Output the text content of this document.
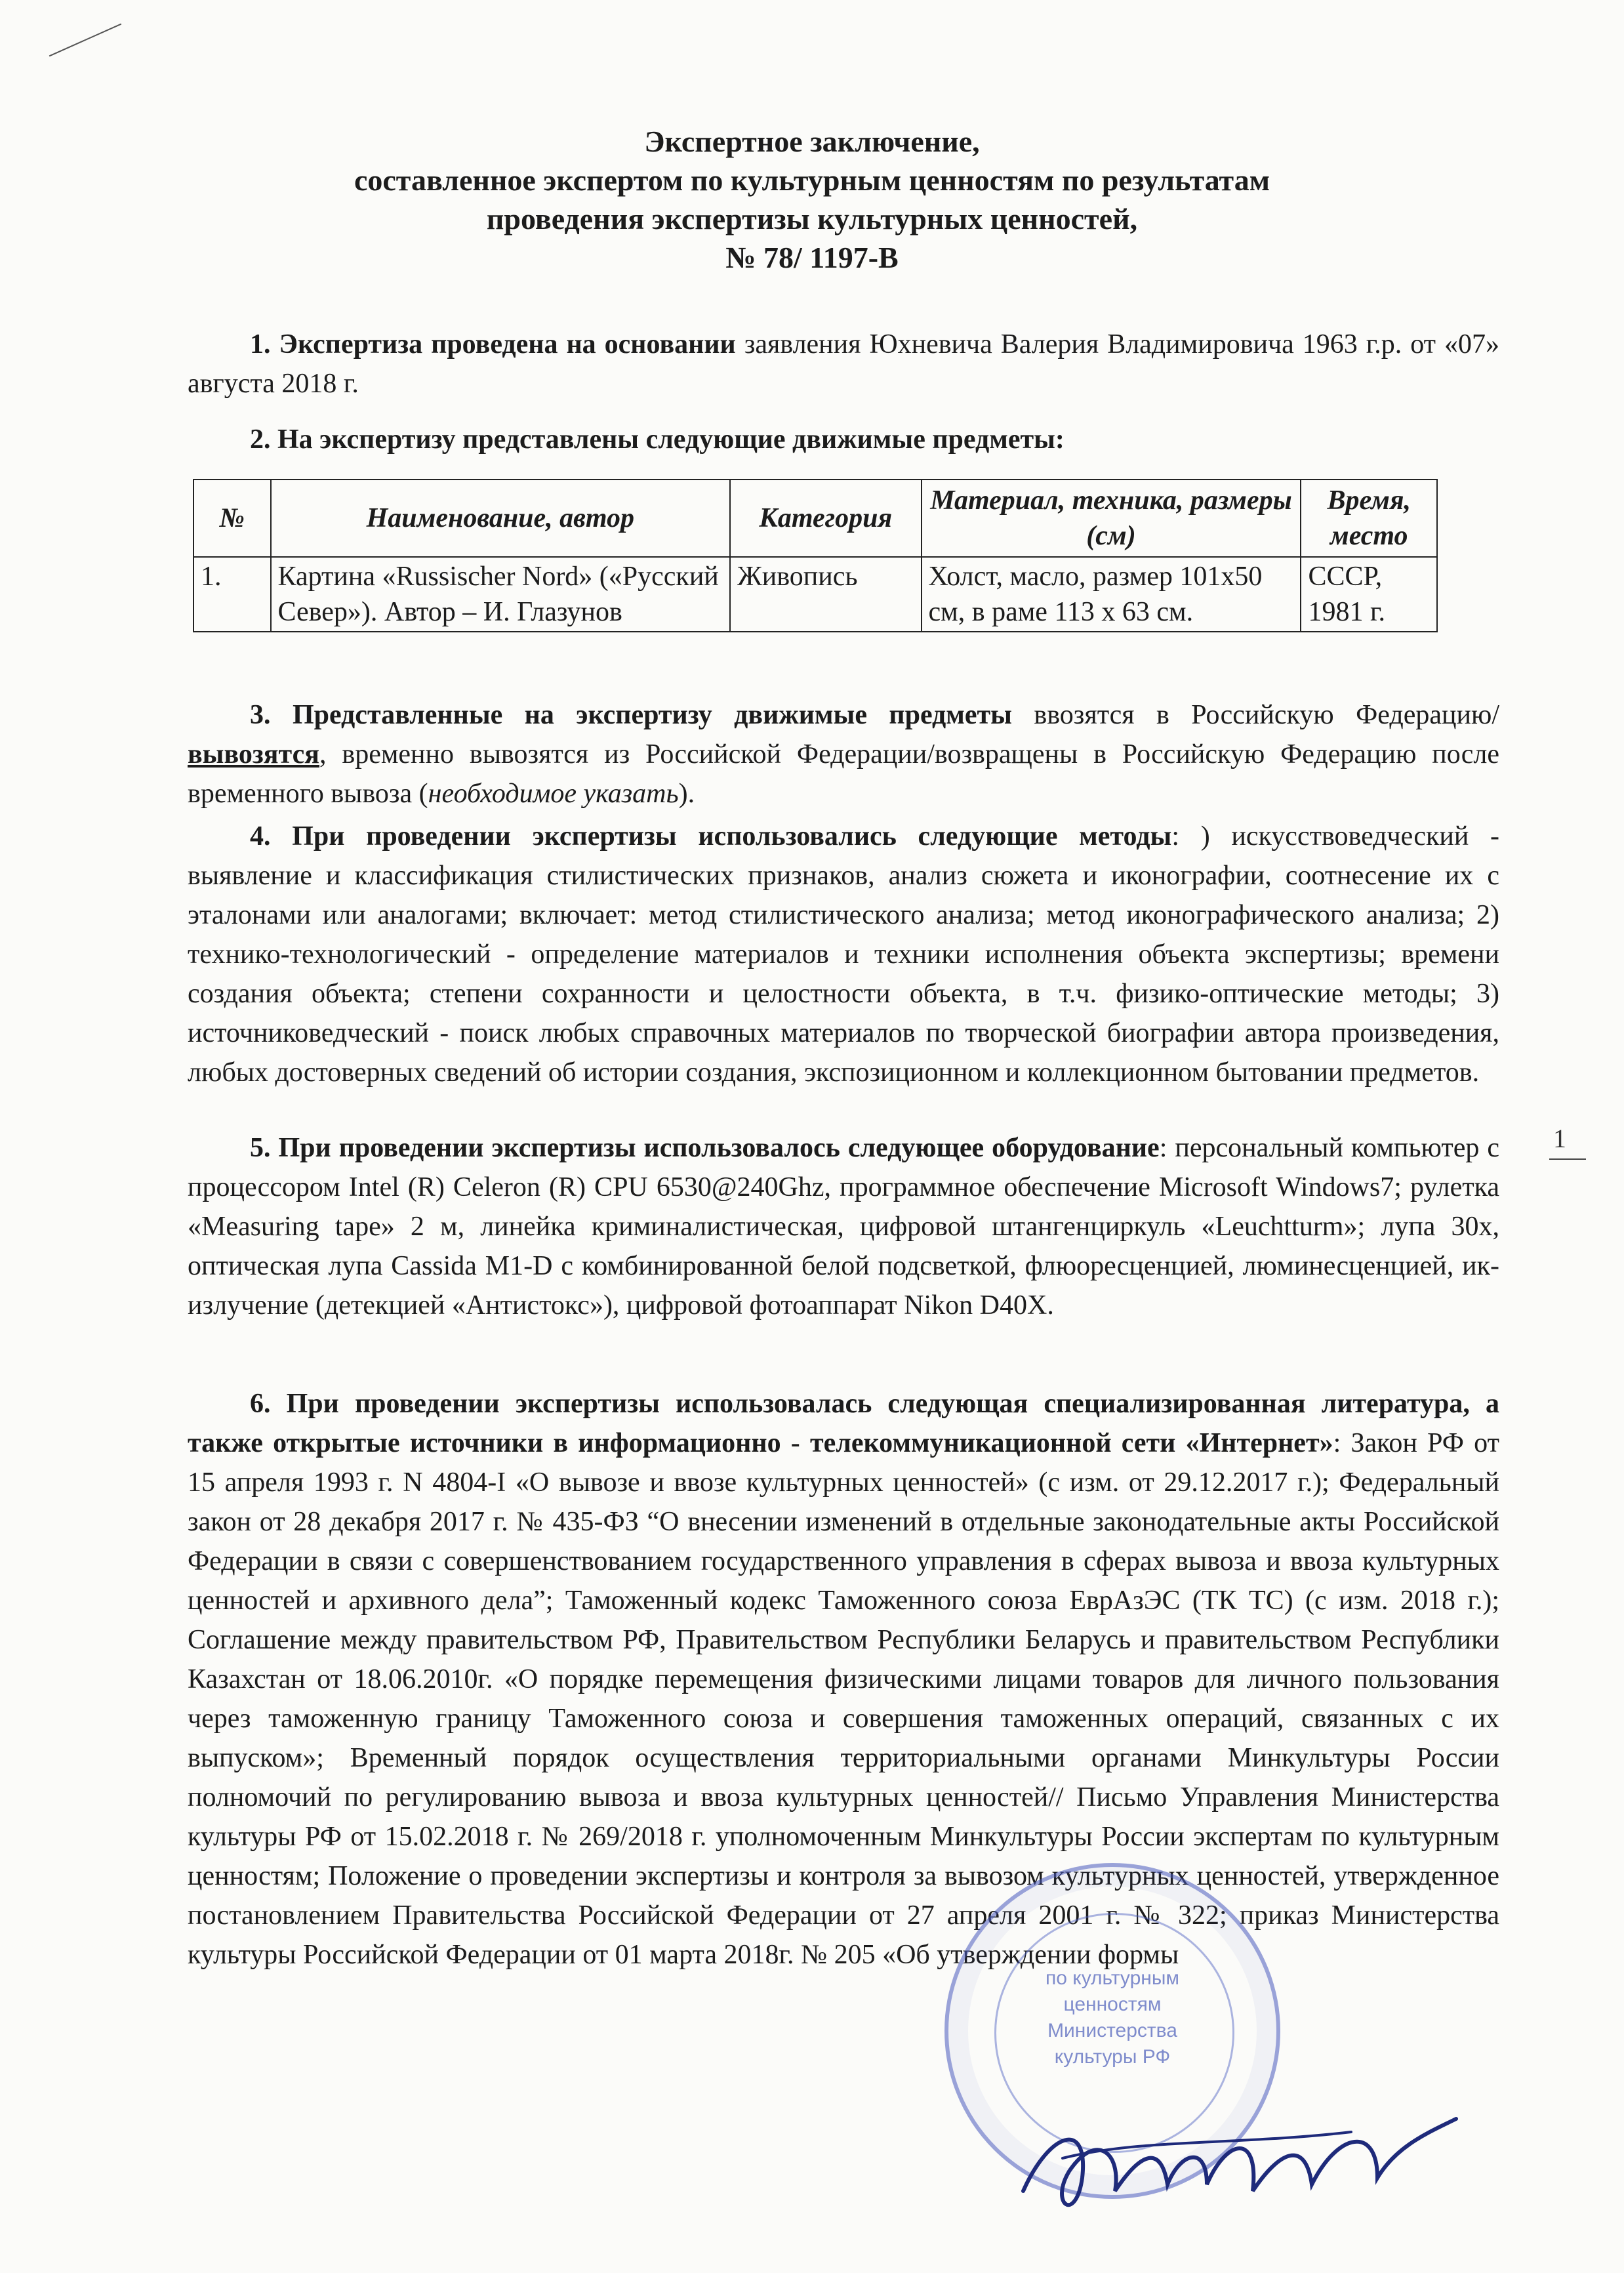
1
Экспертное заключение,
составленное экспертом по культурным ценностям по результатам
проведения экспертизы культурных ценностей,
№ 78/ 1197-В
1. Экспертиза проведена на основании заявления Юхневича Валерия Владимировича 1963 г.р. от «07» августа 2018 г.
2. На экспертизу представлены следующие движимые предметы:
№	Наименование, автор	Категория	Материал, техника, размеры (см)	Время, место
1.	Картина «Russischer Nord» («Русский Север»). Автор – И. Глазунов	Живопись	Холст, масло, размер 101х50 см, в раме 113 х 63 см.	СССР, 1981 г.
3. Представленные на экспертизу движимые предметы ввозятся в Российскую Федерацию/вывозятся, временно вывозятся из Российской Федерации/возвращены в Российскую Федерацию после временного вывоза (необходимое указать).
4. При проведении экспертизы использовались следующие методы: ) искусствоведческий - выявление и классификация стилистических признаков, анализ сюжета и иконографии, соотнесение их с эталонами или аналогами; включает: метод стилистического анализа; метод иконографического анализа; 2) технико-технологический - определение материалов и техники исполнения объекта экспертизы; времени создания объекта; степени сохранности и целостности объекта, в т.ч. физико-оптические методы; 3) источниковедческий - поиск любых справочных материалов по творческой биографии автора произведения, любых достоверных сведений об истории создания, экспозиционном и коллекционном бытовании предметов.
5. При проведении экспертизы использовалось следующее оборудование: персональный компьютер с процессором Intel (R) Celeron (R) CPU 6530@240Ghz, программное обеспечение Microsoft Windows7; рулетка «Measuring tape» 2 м, линейка криминалистическая, цифровой штангенциркуль «Leuchtturm»; лупа 30х, оптическая лупа Cassida M1-D с комбинированной белой подсветкой, флюоресценцией, люминесценцией, ик-излучение (детекцией «Антистокс»), цифровой фотоаппарат Nikon D40X.
6. При проведении экспертизы использовалась следующая специализированная литература, а также открытые источники в информационно - телекоммуникационной сети «Интернет»: Закон РФ от 15 апреля 1993 г. N 4804-I «О вывозе и ввозе культурных ценностей» (с изм. от 29.12.2017 г.); Федеральный закон от 28 декабря 2017 г. № 435-ФЗ “О внесении изменений в отдельные законодательные акты Российской Федерации в связи с совершенствованием государственного управления в сферах вывоза и ввоза культурных ценностей и архивного дела”; Таможенный кодекс Таможенного союза ЕврАзЭС (ТК ТС) (с изм. 2018 г.); Соглашение между правительством РФ, Правительством Республики Беларусь и правительством Республики Казахстан от 18.06.2010г. «О порядке перемещения физическими лицами товаров для личного пользования через таможенную границу Таможенного союза и совершения таможенных операций, связанных с их выпуском»; Временный порядок осуществления территориальными органами Минкультуры России полномочий по регулированию вывоза и ввоза культурных ценностей// Письмо Управления Министерства культуры РФ от 15.02.2018 г. № 269/2018 г. уполномоченным Минкультуры России экспертам по культурным ценностям; Положение о проведении экспертизы и контроля за вывозом культурных ценностей, утвержденное постановлением Правительства Российской Федерации от 27 апреля 2001 г. № 322; приказ Министерства культуры Российской Федерации от 01 марта 2018г. № 205 «Об утверждении формы
по культурным
ценностям
Министерства
культуры РФ
